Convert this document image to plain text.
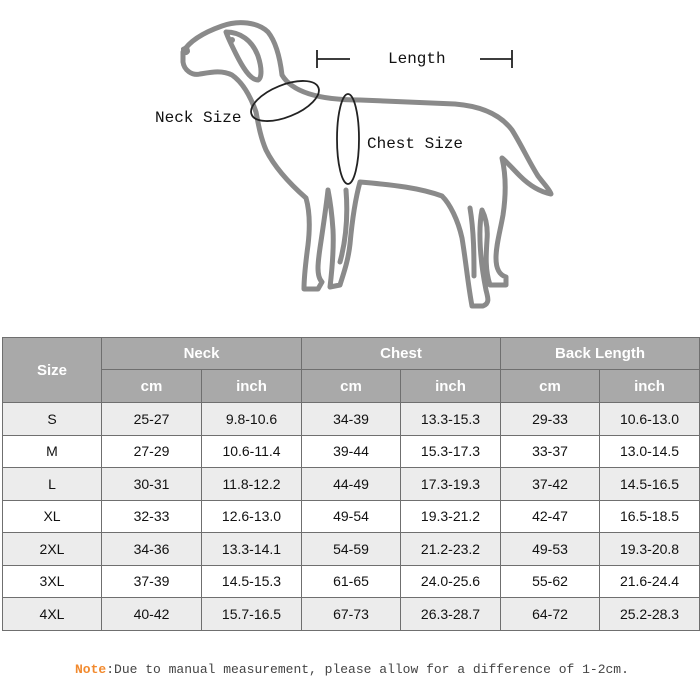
Length
Neck Size
Chest Size
Size	Neck		Chest		Back Length	
	cm	inch	cm	inch	cm	inch
S	25-27	9.8-10.6	34-39	13.3-15.3	29-33	10.6-13.0
M	27-29	10.6-11.4	39-44	15.3-17.3	33-37	13.0-14.5
L	30-31	11.8-12.2	44-49	17.3-19.3	37-42	14.5-16.5
XL	32-33	12.6-13.0	49-54	19.3-21.2	42-47	16.5-18.5
2XL	34-36	13.3-14.1	54-59	21.2-23.2	49-53	19.3-20.8
3XL	37-39	14.5-15.3	61-65	24.0-25.6	55-62	21.6-24.4
4XL	40-42	15.7-16.5	67-73	26.3-28.7	64-72	25.2-28.3
Note:Due to manual measurement, please allow for a difference of 1-2cm.
